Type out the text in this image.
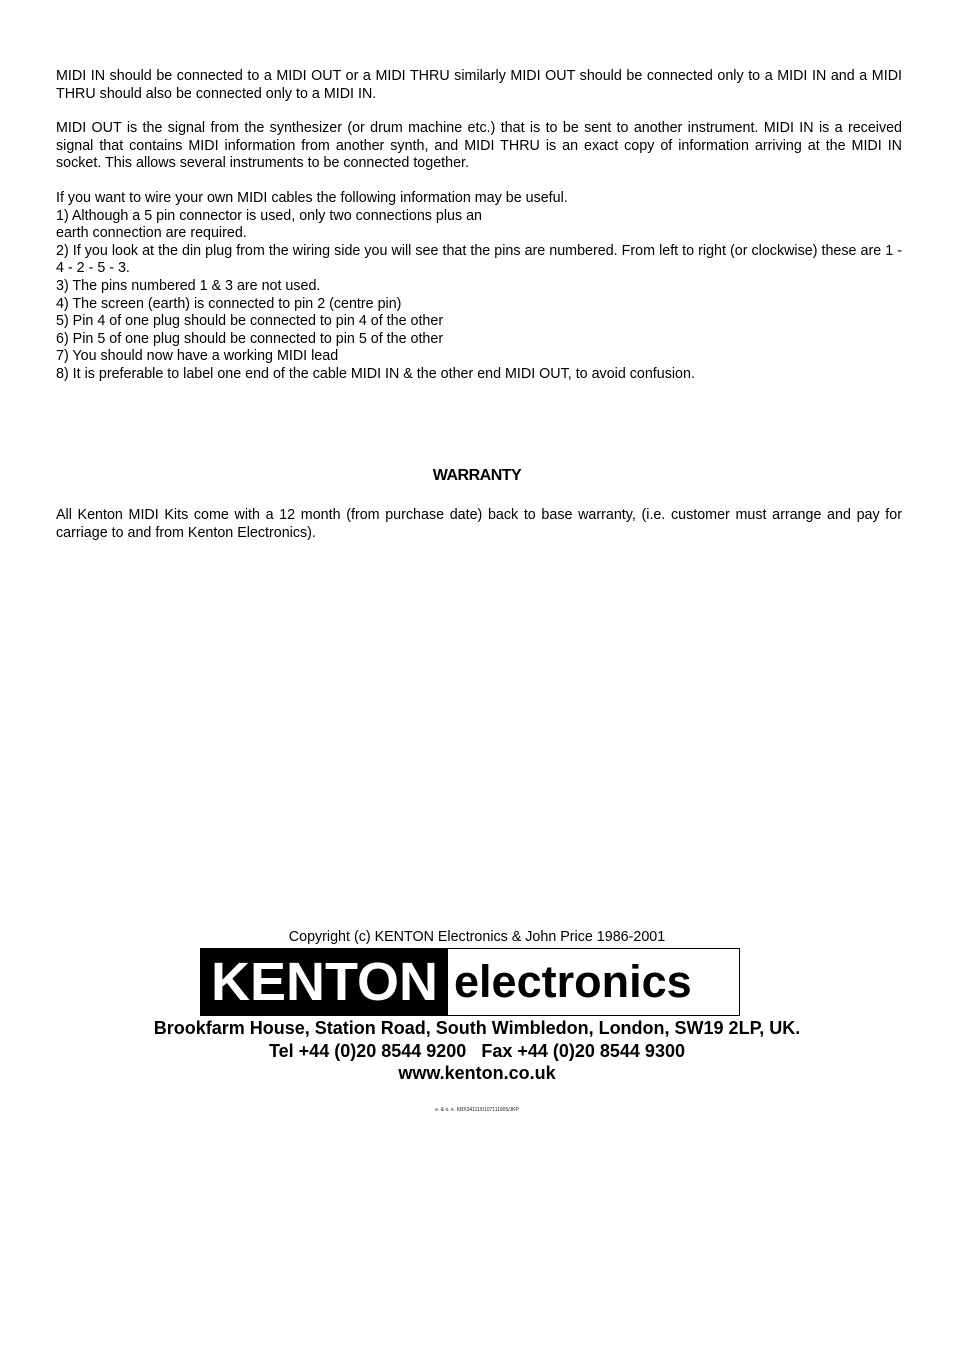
MIDI IN should be connected to a MIDI OUT or a MIDI THRU similarly MIDI OUT should be connected only to a MIDI IN and a MIDI THRU should also be connected only to a MIDI IN.

MIDI OUT is the signal from the synthesizer (or drum machine etc.) that is to be sent to another instrument. MIDI IN is a received signal that contains MIDI information from another synth, and MIDI THRU is an exact copy of information arriving at the MIDI IN socket. This allows several instruments to be connected together.

If you want to wire your own MIDI cables the following information may be useful.

1) Although a 5 pin connector is used, only two connections plus an
earth connection are required.
2) If you look at the din plug from the wiring side you will see that the pins are numbered. From left to right (or clockwise) these are 1 - 4 - 2 - 5 - 3.
3) The pins numbered 1 & 3 are not used.
4) The screen (earth) is connected to pin 2 (centre pin)
5) Pin 4 of one plug should be connected to pin 4 of the other
6) Pin 5 of one plug should be connected to pin 5 of the other
7) You should now have a working MIDI lead
8) It is preferable to label one end of the cable MIDI IN & the other end MIDI OUT, to avoid confusion.
WARRANTY

All Kenton MIDI Kits come with a 12 month (from purchase date) back to base warranty, (i.e. customer must arrange and pay for carriage to and from Kenton Electronics).

Copyright (c) KENTON Electronics & John Price 1986-2001
KENTON electronics
Brookfarm House, Station Road, South Wimbledon, London, SW19 2LP, UK.
Tel +44 (0)20 8544 9200   Fax +44 (0)20 8544 9300
www.kenton.co.uk
e. & o. e. KBX34111/0107111905/JKP
